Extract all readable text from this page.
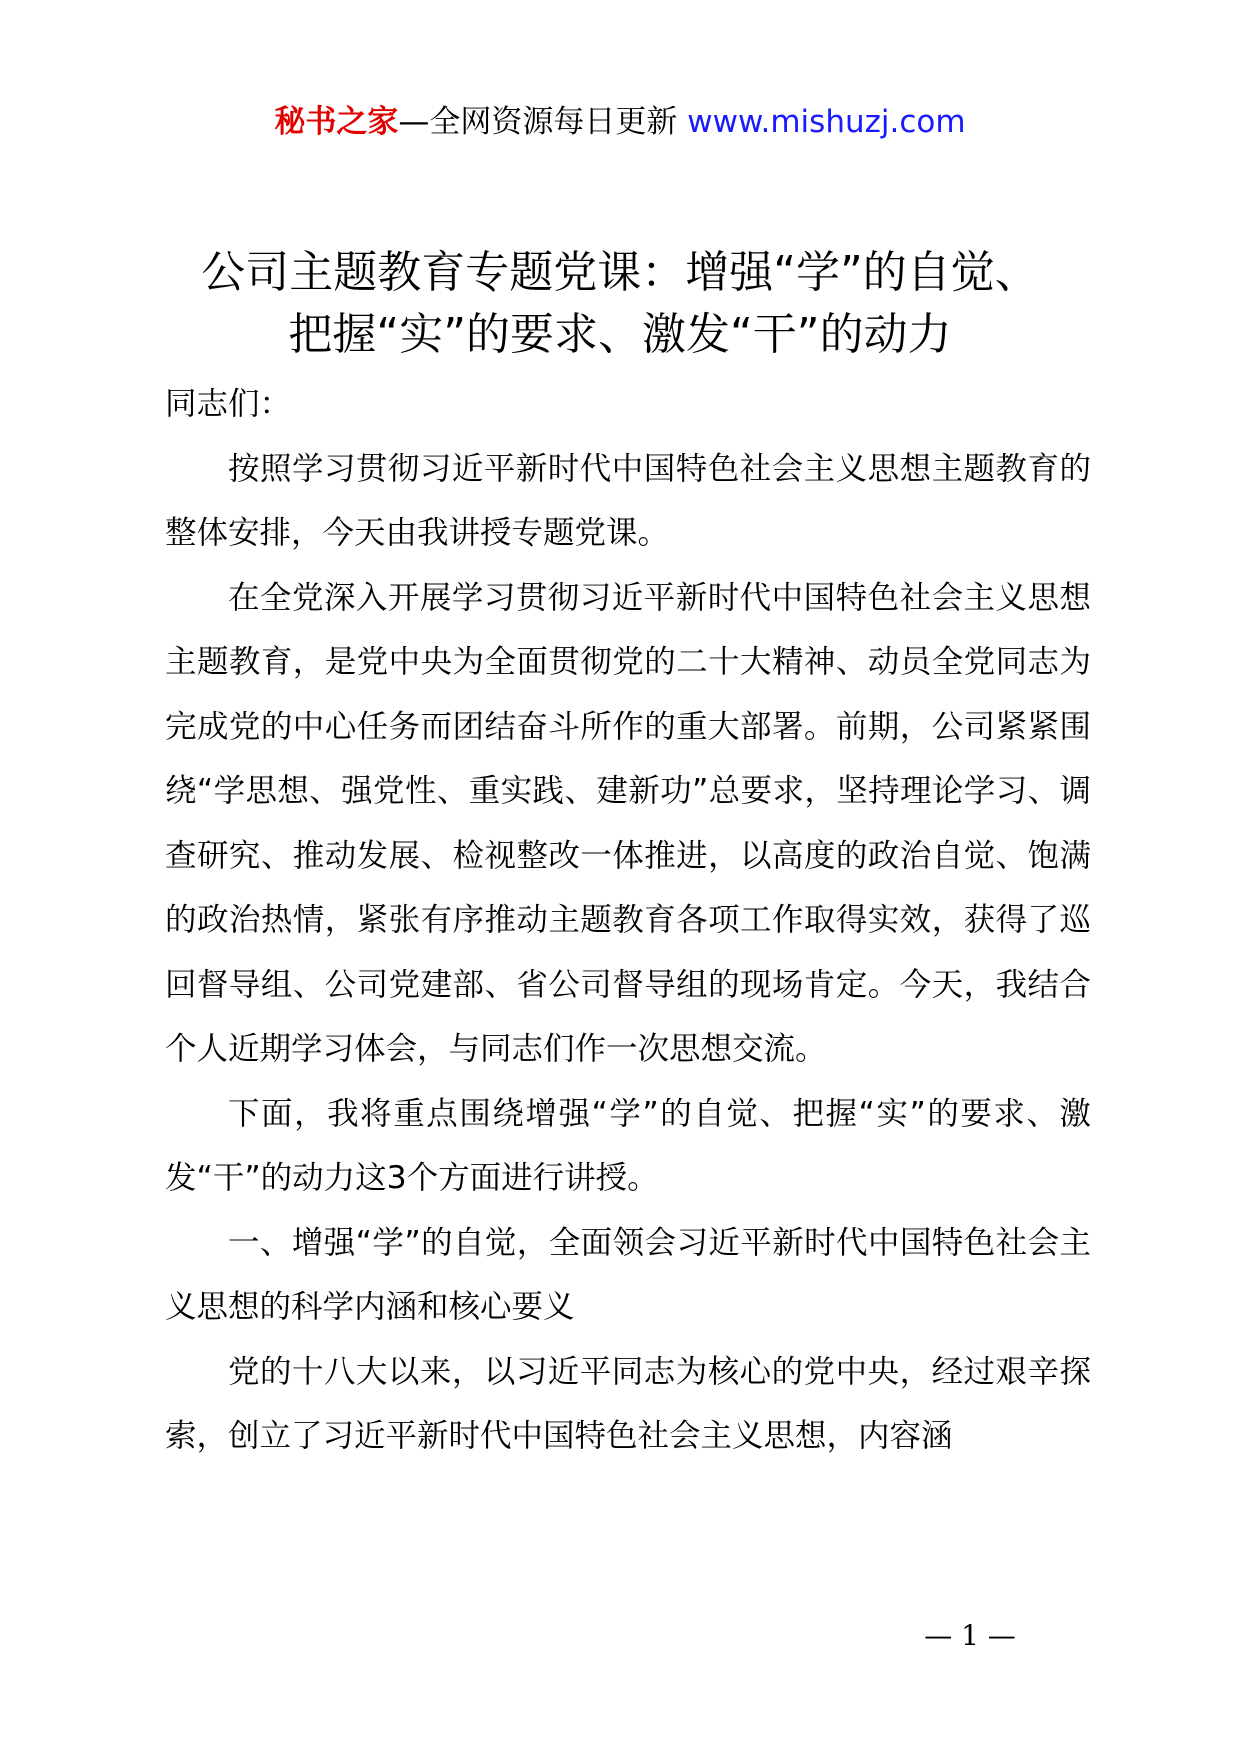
秘书之家—全网资源每日更新 www.mishuzj.com
公司主题教育专题党课：增强“学”的自觉、
把握“实”的要求、激发“干”的动力

同志们：

按照学习贯彻习近平新时代中国特色社会主义思想主题教育的整体安排，今天由我讲授专题党课。

在全党深入开展学习贯彻习近平新时代中国特色社会主义思想主题教育，是党中央为全面贯彻党的二十大精神、动员全党同志为完成党的中心任务而团结奋斗所作的重大部署。前期，公司紧紧围绕“学思想、强党性、重实践、建新功”总要求，坚持理论学习、调查研究、推动发展、检视整改一体推进，以高度的政治自觉、饱满的政治热情，紧张有序推动主题教育各项工作取得实效，获得了巡回督导组、公司党建部、省公司督导组的现场肯定。今天，我结合个人近期学习体会，与同志们作一次思想交流。

下面，我将重点围绕增强“学”的自觉、把握“实”的要求、激发“干”的动力这3个方面进行讲授。

一、增强“学”的自觉，全面领会习近平新时代中国特色社会主义思想的科学内涵和核心要义

党的十八大以来，以习近平同志为核心的党中央，经过艰辛探索，创立了习近平新时代中国特色社会主义思想，内容涵

— 1 —
